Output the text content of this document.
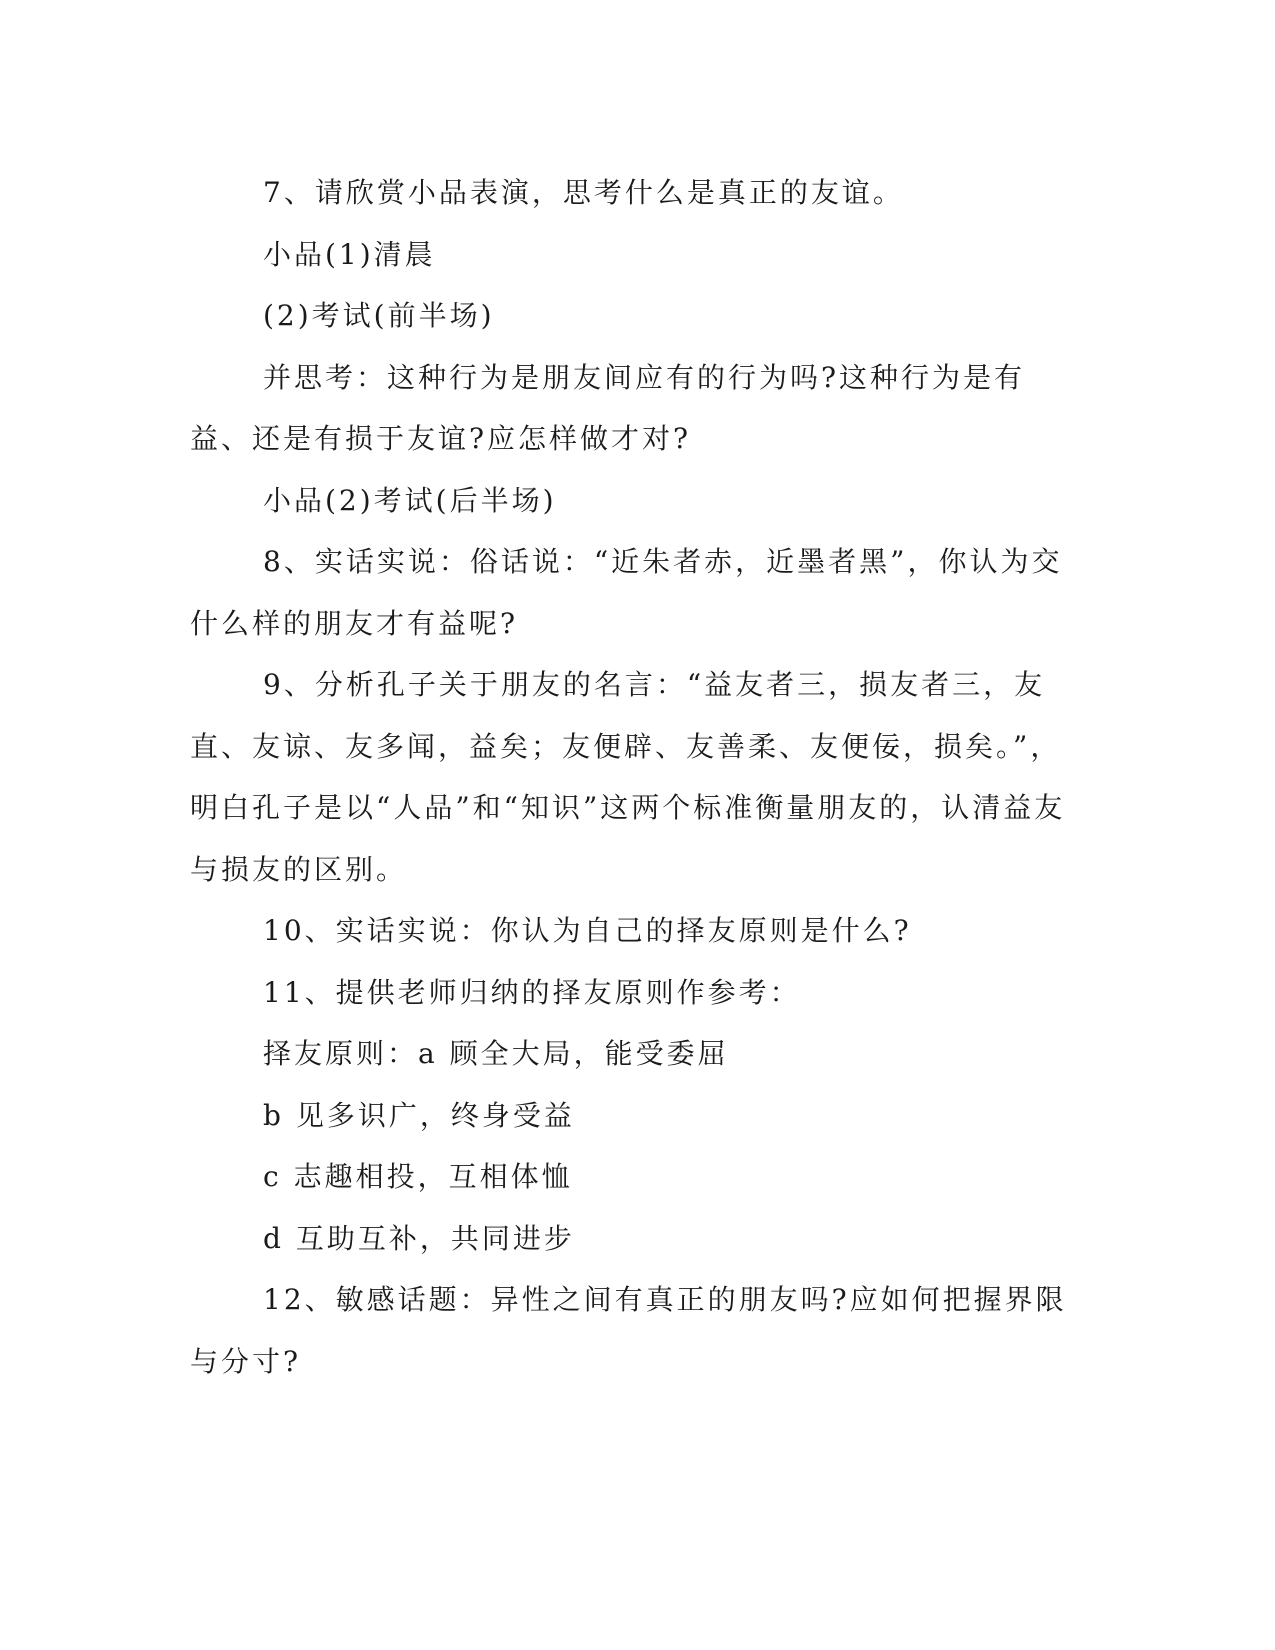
7、请欣赏小品表演，思考什么是真正的友谊。

小品(1)清晨

(2)考试(前半场)

并思考：这种行为是朋友间应有的行为吗?这种行为是有益、还是有损于友谊?应怎样做才对?

小品(2)考试(后半场)

8、实话实说：俗话说：“近朱者赤，近墨者黑”，你认为交什么样的朋友才有益呢?

9、分析孔子关于朋友的名言：“益友者三，损友者三，友直、友谅、友多闻，益矣；友便辟、友善柔、友便佞，损矣。”，明白孔子是以“人品”和“知识”这两个标准衡量朋友的，认清益友与损友的区别。

10、实话实说：你认为自己的择友原则是什么?

11、提供老师归纳的择友原则作参考：

择友原则：a 顾全大局，能受委屈

b 见多识广，终身受益

c 志趣相投，互相体恤

d 互助互补，共同进步

12、敏感话题：异性之间有真正的朋友吗?应如何把握界限与分寸?
